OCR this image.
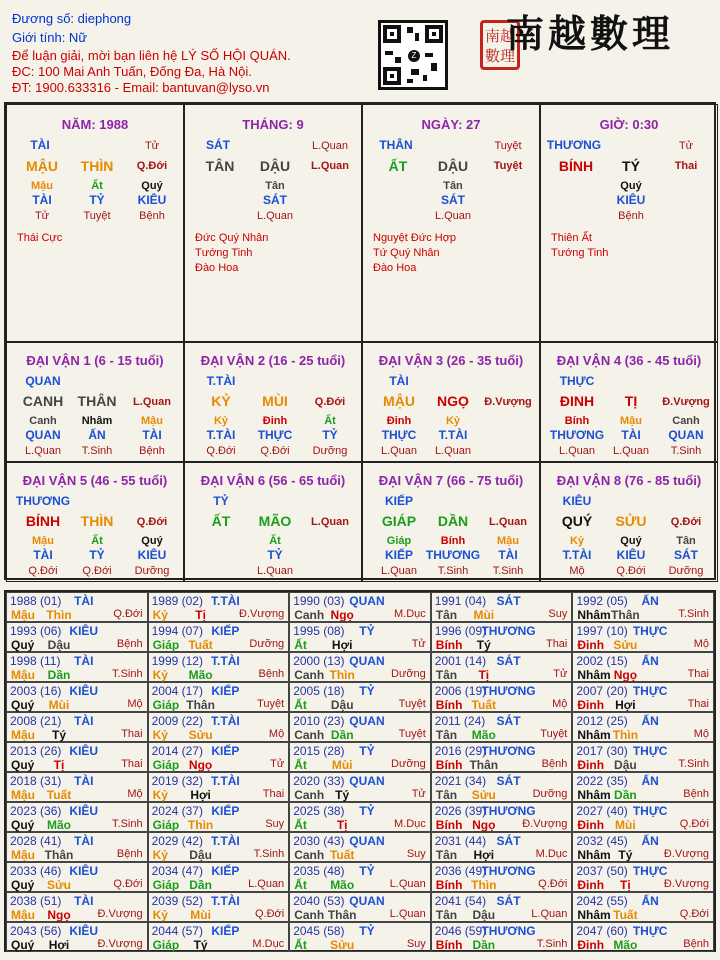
Đương số: diephong
Giới tính: Nữ
Để luận giải, mời bạn liên hệ LÝ SỐ HỘI QUÁN.
ĐC: 100 Mai Anh Tuấn, Đống Đa, Hà Nội.
ĐT: 1900.633316 - Email: bantuvan@lyso.vn
Z
南越
數理
南越數理
NĂM: 1988
TÀI	Tử
MẬU THÌN Q.Đới
Mậu
TÀI
Tử
Ất
TỶ
Tuyệt
Quý
KIÊU
Bệnh
Thái Cực
THÁNG: 9
SÁT	L.Quan
TÂN DẬU L.Quan
Tân
SÁT
L.Quan
Đức Quý Nhân
Tướng Tinh
Đào Hoa
NGÀY: 27
THÂN	Tuyệt
ẤT DẬU Tuyệt
Tân
SÁT
L.Quan
Nguyệt Đức Hợp
Tứ Quý Nhân
Đào Hoa
GIỜ: 0:30
THƯƠNG	Tử
BÍNH TÝ	Thai
Quý
KIÊU
Bệnh
Thiên Ất
Tướng Tinh
ĐẠI VẬN 1 (6 - 15 tuổi)
QUAN
CANH THÂN L.Quan
Canh
QUAN
L.Quan
Nhâm
ẤN
T.Sinh
Mậu
TÀI
Bệnh
ĐẠI VẬN 2 (16 - 25 tuổi)
T.TÀI
KỶ MÙI Q.Đới
Kỷ
T.TÀI
Q.Đới
Đinh
THỰC
Q.Đới
Ất
TỶ
Dưỡng
ĐẠI VẬN 3 (26 - 35 tuổi)
TÀI
MẬU NGỌ Đ.Vượng
Đinh
THỰC
L.Quan
Kỷ
T.TÀI
L.Quan
ĐẠI VẬN 4 (36 - 45 tuổi)
THỰC
ĐINH TỊ Đ.Vượng
Bính
THƯƠNG
L.Quan
Mậu
TÀI
L.Quan
Canh
QUAN
T.Sinh
ĐẠI VẬN 5 (46 - 55 tuổi)
THƯƠNG
BÍNH THÌN Q.Đới
Mậu
TÀI
Q.Đới
Ất
TỶ
Q.Đới
Quý
KIÊU
Dưỡng
ĐẠI VẬN 6 (56 - 65 tuổi)
TỶ
ẤT MÃO L.Quan
Ất
TỶ
L.Quan
ĐẠI VẬN 7 (66 - 75 tuổi)
KIẾP
GIÁP DẦN L.Quan
Giáp
KIẾP
L.Quan
Bính
THƯƠNG
T.Sinh
Mậu
TÀI
T.Sinh
ĐẠI VẬN 8 (76 - 85 tuổi)
KIÊU
QUÝ SỬU Q.Đới
Kỷ
T.TÀI
Mộ
Quý
KIÊU
Q.Đới
Tân
SÁT
Dưỡng
1988 (01) TÀI
Mậu Thìn	Q.Đới
1989 (02) T.TÀI
Kỷ Tị	Đ.Vượng
1990 (03) QUAN
Canh Ngọ	M.Dục
1991 (04) SÁT
Tân Mùi	Suy
1992 (05) ẤN
Nhâm Thân	T.Sinh
1993 (06) KIÊU
Quý Dậu	Bệnh
1994 (07) KIẾP
Giáp Tuất	Dưỡng
1995 (08) TỶ
Ất Hợi	Tử
1996 (09)
THƯƠNG
Bính Tý	Thai
1997 (10) THỰC
Đinh Sửu	Mộ
1998 (11) TÀI
Mậu Dần	T.Sinh
1999 (12) T.TÀI
Kỷ Mão	Bệnh
2000 (13) QUAN
Canh Thìn	Dưỡng
2001 (14) SÁT
Tân Tị	Tử
2002 (15) ẤN
Nhâm Ngọ	Thai
2003 (16) KIÊU
Quý Mùi	Mộ
2004 (17) KIẾP
Giáp Thân	Tuyệt
2005 (18) TỶ
Ất Dậu	Tuyệt
2006 (19)
THƯƠNG
Bính Tuất	Mộ
2007 (20) THỰC
Đinh Hợi	Thai
2008 (21) TÀI
Mậu Tý	Thai
2009 (22) T.TÀI
Kỷ Sửu	Mộ
2010 (23) QUAN
Canh Dần	Tuyệt
2011 (24) SÁT
Tân Mão	Tuyệt
2012 (25) ẤN
Nhâm Thìn	Mộ
2013 (26) KIÊU
Quý Tị	Thai
2014 (27) KIẾP
Giáp Ngọ	Tử
2015 (28) TỶ
Ất Mùi	Dưỡng
2016 (29)
THƯƠNG
Bính Thân	Bệnh
2017 (30) THỰC
Đinh Dậu	T.Sinh
2018 (31) TÀI
Mậu Tuất	Mộ
2019 (32) T.TÀI
Kỷ Hợi	Thai
2020 (33) QUAN
Canh Tý	Tử
2021 (34) SÁT
Tân Sửu	Dưỡng
2022 (35) ẤN
Nhâm Dần	Bệnh
2023 (36) KIÊU
Quý Mão	T.Sinh
2024 (37) KIẾP
Giáp Thìn	Suy
2025 (38) TỶ
Ất Tị	M.Dục
2026 (39)
THƯƠNG
Bính Ngọ Đ.Vượng
2027 (40) THỰC
Đinh Mùi	Q.Đới
2028 (41) TÀI
Mậu Thân	Bệnh
2029 (42) T.TÀI
Kỷ Dậu	T.Sinh
2030 (43) QUAN
Canh Tuất	Suy
2031 (44) SÁT
Tân Hợi	M.Dục
2032 (45) ẤN
Nhâm Tý	Đ.Vượng
2033 (46) KIÊU
Quý Sửu	Q.Đới
2034 (47) KIẾP
Giáp Dần	L.Quan
2035 (48) TỶ
Ất Mão	L.Quan
2036 (49)
THƯƠNG
Bính Thìn	Q.Đới
2037 (50) THỰC
Đinh Tị	Đ.Vượng
2038 (51) TÀI
Mậu Ngọ Đ.Vượng
2039 (52) T.TÀI
Kỷ Mùi	Q.Đới
2040 (53) QUAN
Canh Thân	L.Quan
2041 (54) SÁT
Tân Dậu	L.Quan
2042 (55) ẤN
Nhâm Tuất	Q.Đới
2043 (56) KIÊU
Quý Hợi	Đ.Vượng
2044 (57) KIẾP
Giáp Tý	M.Dục
2045 (58) TỶ
Ất Sửu	Suy
2046 (59)
THƯƠNG
Bính Dần	T.Sinh
2047 (60) THỰC
Đinh Mão	Bệnh
